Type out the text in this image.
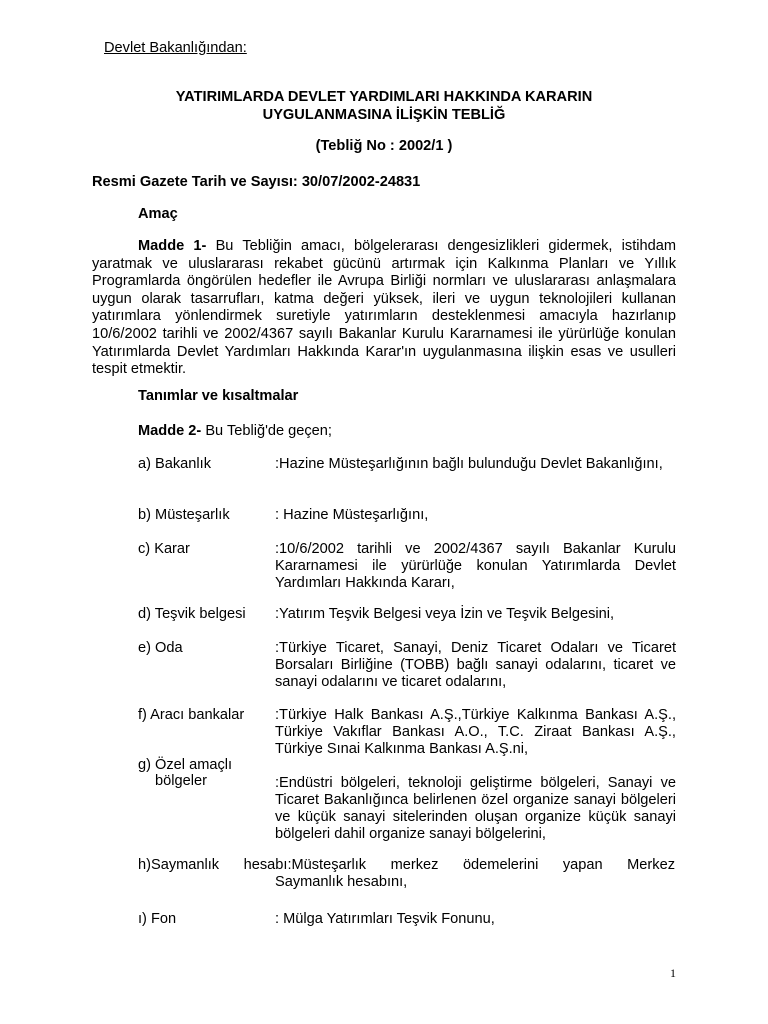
Devlet Bakanlığından:
YATIRIMLARDA DEVLET YARDIMLARI HAKKINDA KARARIN
UYGULANMASINA İLİŞKİN TEBLİĞ
(Tebliğ No : 2002/1 )
Resmi Gazete Tarih ve Sayısı: 30/07/2002-24831
Amaç
Madde 1- Bu Tebliğin amacı, bölgelerarası dengesizlikleri gidermek, istihdam yaratmak ve uluslararası rekabet gücünü artırmak için Kalkınma Planları ve Yıllık Programlarda öngörülen hedefler ile Avrupa Birliği normları ve uluslararası anlaşmalara uygun olarak tasarrufları, katma değeri yüksek, ileri ve uygun teknolojileri kullanan yatırımlara yönlendirmek suretiyle yatırımların desteklenmesi amacıyla hazırlanıp 10/6/2002 tarihli ve 2002/4367 sayılı Bakanlar Kurulu Kararnamesi ile yürürlüğe konulan Yatırımlarda Devlet Yardımları Hakkında Karar'ın uygulanmasına ilişkin esas ve usulleri tespit etmektir.
Tanımlar ve kısaltmalar
Madde 2- Bu Tebliğ'de geçen;
a) Bakanlık	:Hazine Müsteşarlığının bağlı bulunduğu Devlet Bakanlığını,
b) Müsteşarlık	: Hazine Müsteşarlığını,
c) Karar	:10/6/2002 tarihli ve 2002/4367 sayılı Bakanlar Kurulu Kararnamesi ile yürürlüğe konulan Yatırımlarda Devlet Yardımları Hakkında Kararı,
d) Teşvik belgesi :Yatırım Teşvik Belgesi veya İzin ve Teşvik Belgesini,
e) Oda	:Türkiye Ticaret, Sanayi, Deniz Ticaret Odaları ve Ticaret Borsaları Birliğine (TOBB) bağlı sanayi odalarını, ticaret ve sanayi odalarını ve ticaret odalarını,
f) Aracı bankalar :Türkiye Halk Bankası A.Ş.,Türkiye Kalkınma Bankası A.Ş., Türkiye Vakıflar Bankası A.O., T.C. Ziraat Bankası A.Ş., Türkiye Sınai Kalkınma Bankası A.Ş.ni,
g) Özel amaçlı
bölgeler	:Endüstri bölgeleri, teknoloji geliştirme bölgeleri, Sanayi ve Ticaret Bakanlığınca belirlenen özel organize sanayi bölgeleri ve küçük sanayi sitelerinden oluşan organize küçük sanayi bölgeleri dahil organize sanayi bölgelerini,
h)Saymanlık hesabı:Müsteşarlık merkez ödemelerini yapan Merkez
Saymanlık hesabını,
ı) Fon	: Mülga Yatırımları Teşvik Fonunu,
1
